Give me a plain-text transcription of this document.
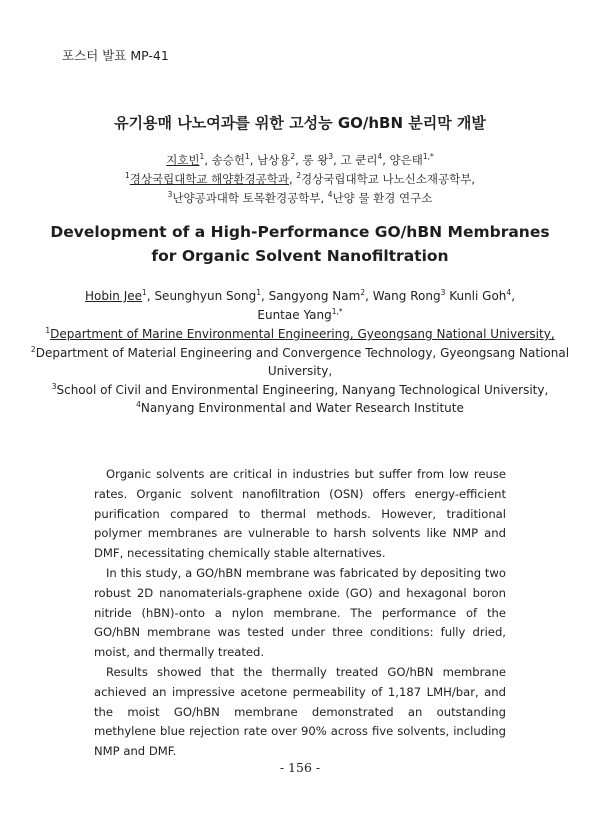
포스터 발표 MP-41
유기용매 나노여과를 위한 고성능 GO/hBN 분리막 개발
지호빈$^1$, 송승헌$^1$, 남상용$^2$, 롱 왕$^3$, 고 쿤리$^4$, 양은태$^{1,*}$
$^1$경상국립대학교 해양환경공학과, $^2$경상국립대학교 나노신소재공학부,
$^3$난양공과대학 토목환경공학부, $^4$난양 물 환경 연구소
Development of a High-Performance GO/hBN Membranes
for Organic Solvent Nanofiltration
Hobin Jee$^1$, Seunghyun Song$^1$, Sangyong Nam$^2$, Wang Rong$^3$ Kunli Goh$^4$,
Euntae Yang$^{1,*}$

$^1$Department of Marine Environmental Engineering, Gyeongsang National University,

$^2$Department of Material Engineering and Convergence Technology, Gyeongsang National University,

$^3$School of Civil and Environmental Engineering, Nanyang Technological University,

$^4$Nanyang Environmental and Water Research Institute

Organic solvents are critical in industries but suffer from low reuse rates. Organic solvent nanofiltration (OSN) offers energy-efficient purification compared to thermal methods. However, traditional polymer membranes are vulnerable to harsh solvents like NMP and DMF, necessitating chemically stable alternatives.

In this study, a GO/hBN membrane was fabricated by depositing two robust 2D nanomaterials-graphene oxide (GO) and hexagonal boron nitride (hBN)-onto a nylon membrane. The performance of the GO/hBN membrane was tested under three conditions: fully dried, moist, and thermally treated.

Results showed that the thermally treated GO/hBN membrane achieved an impressive acetone permeability of 1,187 LMH/bar, and the moist GO/hBN membrane demonstrated an outstanding methylene blue rejection rate over 90% across five solvents, including NMP and DMF.

- 156 -
